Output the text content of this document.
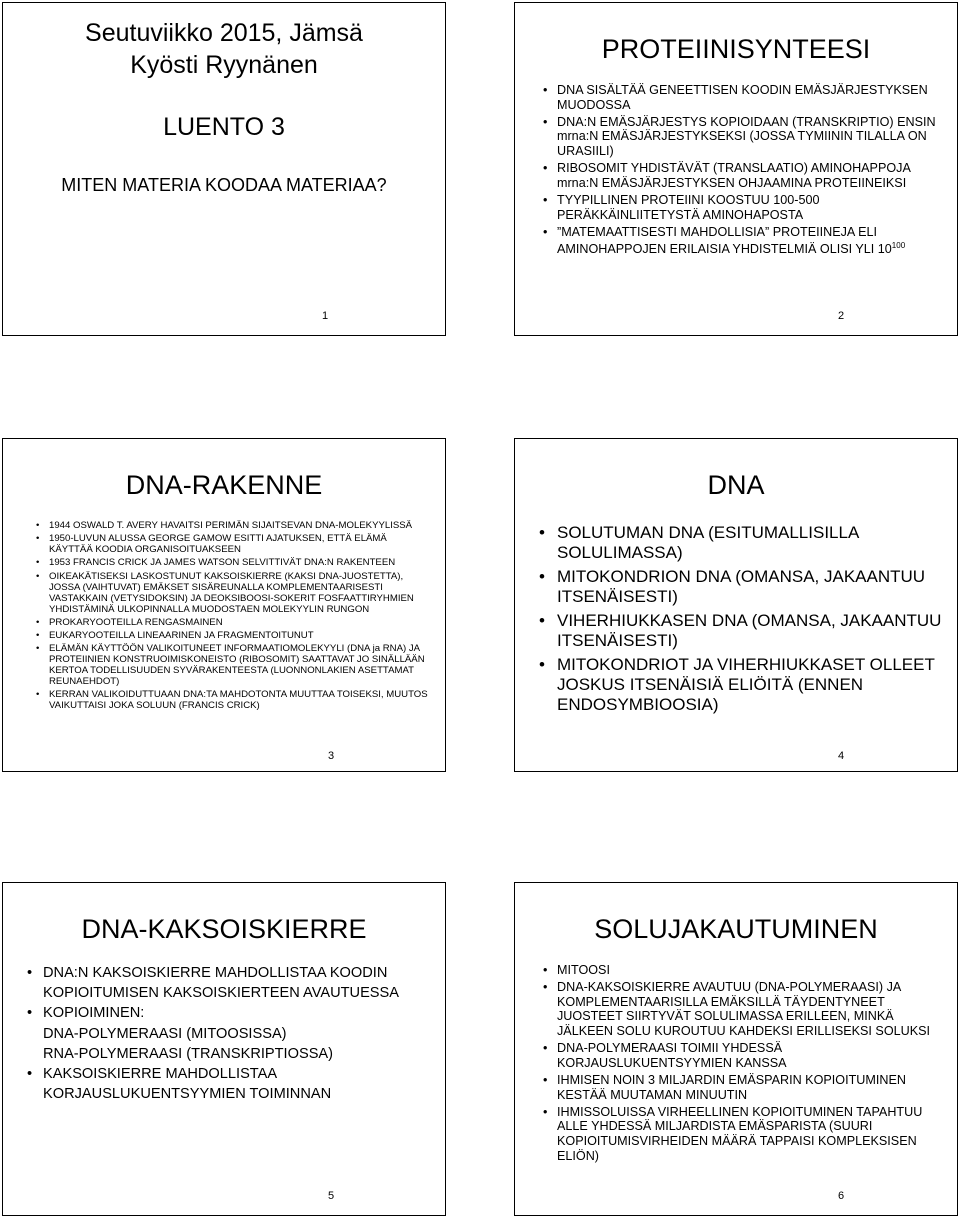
Seutuviikko 2015, Jämsä
Kyösti Ryynänen
LUENTO 3
MITEN MATERIA KOODAA MATERIAA?
1
PROTEIINISYNTEESI
• DNA SISÄLTÄÄ GENEETTISEN KOODIN EMÄSJÄRJESTYKSEN MUODOSSA
• DNA:N EMÄSJÄRJESTYS KOPIOIDAAN (TRANSKRIPTIO) ENSIN mrna:N EMÄSJÄRJESTYKSEKSI (JOSSA TYMIININ TILALLA ON URASIILI)
• RIBOSOMIT YHDISTÄVÄT (TRANSLAATIO) AMINOHAPPOJA mrna:N EMÄSJÄRJESTYKSEN OHJAAMINA PROTEIINEIKSI
• TYYPILLINEN PROTEIINI KOOSTUU 100-500 PERÄKKÄINLIITETYSTÄ AMINOHAPOSTA
• ”MATEMAATTISESTI MAHDOLLISIA” PROTEIINEJA ELI AMINOHAPPOJEN ERILAISIA YHDISTELMIÄ OLISI YLI $10^{100}$
2
DNA-RAKENNE
• 1944 OSWALD T. AVERY HAVAITSI PERIMÄN SIJAITSEVAN DNA-MOLEKYYLISSÄ
• 1950-LUVUN ALUSSA GEORGE GAMOW ESITTI AJATUKSEN, ETTÄ ELÄMÄ KÄYTTÄÄ KOODIA ORGANISOITUAKSEEN
• 1953 FRANCIS CRICK JA JAMES WATSON SELVITTIVÄT DNA:N RAKENTEEN
• OIKEAKÄTISEKSI LASKOSTUNUT KAKSOISKIERRE (KAKSI DNA-JUOSTETTA), JOSSA (VAIHTUVAT) EMÄKSET SISÄREUNALLA KOMPLEMENTAARISESTI VASTAKKAIN (VETYSIDOKSIN) JA DEOKSIBOOSI-SOKERIT FOSFAATTIRYHMIEN YHDISTÄMINÄ ULKOPINNALLA MUODOSTAEN MOLEKYYLIN RUNGON
• PROKARYOOTEILLA RENGASMAINEN
• EUKARYOOTEILLA LINEAARINEN JA FRAGMENTOITUNUT
• ELÄMÄN KÄYTTÖÖN VALIKOITUNEET INFORMAATIOMOLEKYYLI (DNA ja RNA) JA PROTEIINIEN KONSTRUOIMISKONEISTO (RIBOSOMIT) SAATTAVAT JO SINÄLLÄÄN KERTOA TODELLISUUDEN SYVÄRAKENTEESTA (LUONNONLAKIEN ASETTAMAT REUNAEHDOT)
• KERRAN VALIKOIDUTTUAAN DNA:TA MAHDOTONTA MUUTTAA TOISEKSI, MUUTOS VAIKUTTAISI JOKA SOLUUN (FRANCIS CRICK)
3
DNA
• SOLUTUMAN DNA (ESITUMALLISILLA SOLULIMASSA)
• MITOKONDRION DNA (OMANSA, JAKAANTUU ITSENÄISESTI)
• VIHERHIUKKASEN DNA (OMANSA, JAKAANTUU ITSENÄISESTI)
• MITOKONDRIOT JA VIHERHIUKKASET OLLEET JOSKUS ITSENÄISIÄ ELIÖITÄ (ENNEN ENDOSYMBIOOSIA)
4
DNA-KAKSOISKIERRE
• DNA:N KAKSOISKIERRE MAHDOLLISTAA KOODIN KOPIOITUMISEN KAKSOISKIERTEEN AVAUTUESSA
• KOPIOIMINEN:
DNA-POLYMERAASI (MITOOSISSA)
RNA-POLYMERAASI (TRANSKRIPTIOSSA)
• KAKSOISKIERRE MAHDOLLISTAA KORJAUSLUKUENTSYYMIEN TOIMINNAN
5
SOLUJAKAUTUMINEN
• MITOOSI
• DNA-KAKSOISKIERRE AVAUTUU (DNA-POLYMERAASI) JA KOMPLEMENTAARISILLA EMÄKSILLÄ TÄYDENTYNEET JUOSTEET SIIRTYVÄT SOLULIMASSA ERILLEEN, MINKÄ JÄLKEEN SOLU KUROUTUU KAHDEKSI ERILLISEKSI SOLUKSI
• DNA-POLYMERAASI TOIMII YHDESSÄ KORJAUSLUKUENTSYYMIEN KANSSA
• IHMISEN NOIN 3 MILJARDIN EMÄSPARIN KOPIOITUMINEN KESTÄÄ MUUTAMAN MINUUTIN
• IHMISSOLUISSA VIRHEELLINEN KOPIOITUMINEN TAPAHTUU ALLE YHDESSÄ MILJARDISTA EMÄSPARISTA (SUURI KOPIOITUMISVIRHEIDEN MÄÄRÄ TAPPAISI KOMPLEKSISEN ELIÖN)
6
